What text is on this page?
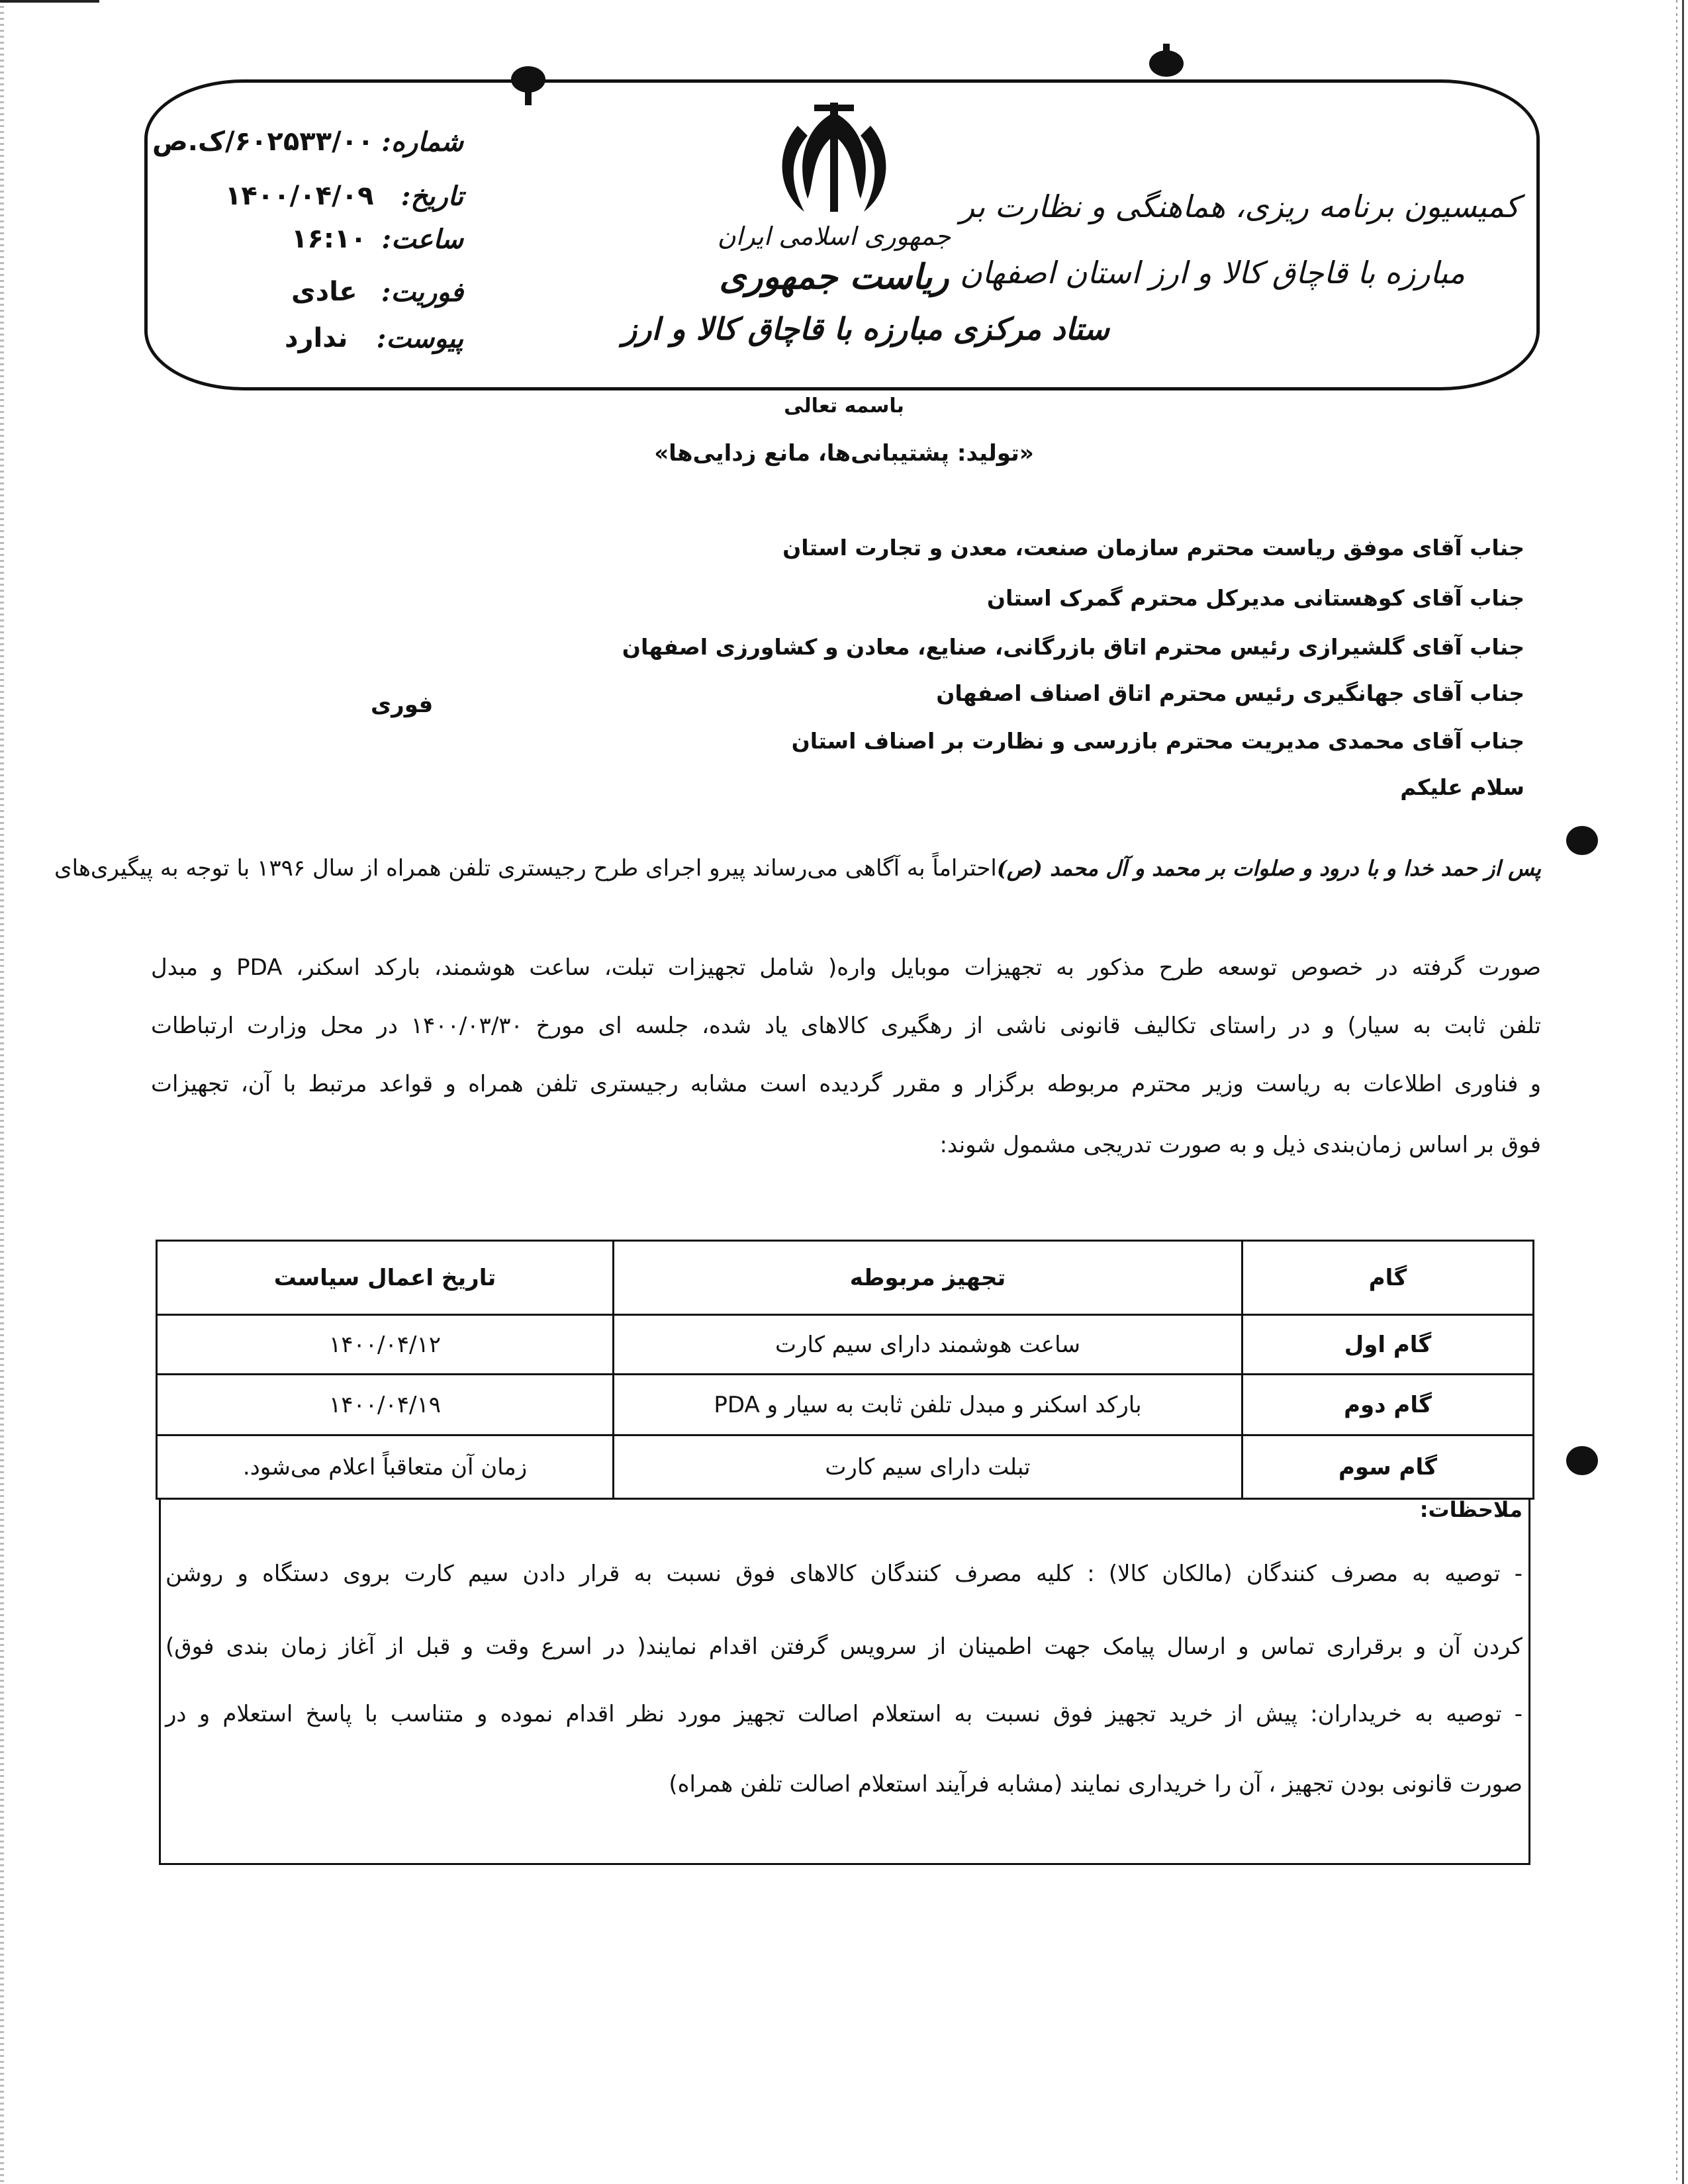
شماره:
۶۰۲۵۳۳/۰۰/ک.ص
تاریخ:
۱۴۰۰/۰۴/۰۹
ساعت:
۱۶:۱۰
فوریت:
عادی
پیوست:
ندارد
جمهوری اسلامی ایران
ریاست جمهوری
ستاد مرکزی مبارزه با قاچاق کالا و ارز
کمیسیون برنامه ریزی، هماهنگی و نظارت بر
مبارزه با قاچاق کالا و ارز استان اصفهان
باسمه تعالی
«تولید: پشتیبانی‌ها، مانع زدایی‌ها»
جناب آقای موفق ریاست محترم سازمان صنعت، معدن و تجارت استان
جناب آقای کوهستانی مدیرکل محترم گمرک استان
جناب آقای گلشیرازی رئیس محترم اتاق بازرگانی، صنایع، معادن و کشاورزی اصفهان
جناب آقای جهانگیری رئیس محترم اتاق اصناف اصفهان
جناب آقای محمدی مدیریت محترم بازرسی و نظارت بر اصناف استان
فوری
سلام علیکم
پس از حمد خدا و با درود و صلوات بر محمد و آل محمد (ص)احتراماً به آگاهی می‌رساند پیرو اجرای طرح رجیستری تلفن همراه از سال ۱۳۹۶ با توجه به پیگیری‌های
صورت گرفته در خصوص توسعه طرح مذکور به تجهیزات موبایل واره( شامل تجهیزات تبلت، ساعت هوشمند، بارکد اسکنر، PDA و مبدل
تلفن ثابت به سیار) و در راستای تکالیف قانونی ناشی از رهگیری کالاهای یاد شده، جلسه ای مورخ ۱۴۰۰/۰۳/۳۰ در محل وزارت ارتباطات
و فناوری اطلاعات به ریاست وزیر محترم مربوطه برگزار و مقرر گردیده است مشابه رجیستری تلفن همراه و قواعد مرتبط با آن، تجهیزات
فوق بر اساس زمان‌بندی ذیل و به صورت تدریجی مشمول شوند:
گام	تجهیز مربوطه	تاریخ اعمال سیاست
گام اول	ساعت هوشمند دارای سیم کارت	۱۴۰۰/۰۴/۱۲
گام دوم	بارکد اسکنر و مبدل تلفن ثابت به سیار و PDA	۱۴۰۰/۰۴/۱۹
گام سوم	تبلت دارای سیم کارت	زمان آن متعاقباً اعلام می‌شود.
ملاحظات:
- توصیه به مصرف کنندگان (مالکان کالا) : کلیه مصرف کنندگان کالاهای فوق نسبت به قرار دادن سیم کارت بروی دستگاه و روشن
کردن آن و برقراری تماس و ارسال پیامک جهت اطمینان از سرویس گرفتن اقدام نمایند( در اسرع وقت و قبل از آغاز زمان بندی فوق)
- توصیه به خریداران: پیش از خرید تجهیز فوق نسبت به استعلام اصالت تجهیز مورد نظر اقدام نموده و متناسب با پاسخ استعلام و در
صورت قانونی بودن تجهیز ، آن را خریداری نمایند (مشابه فرآیند استعلام اصالت تلفن همراه)
